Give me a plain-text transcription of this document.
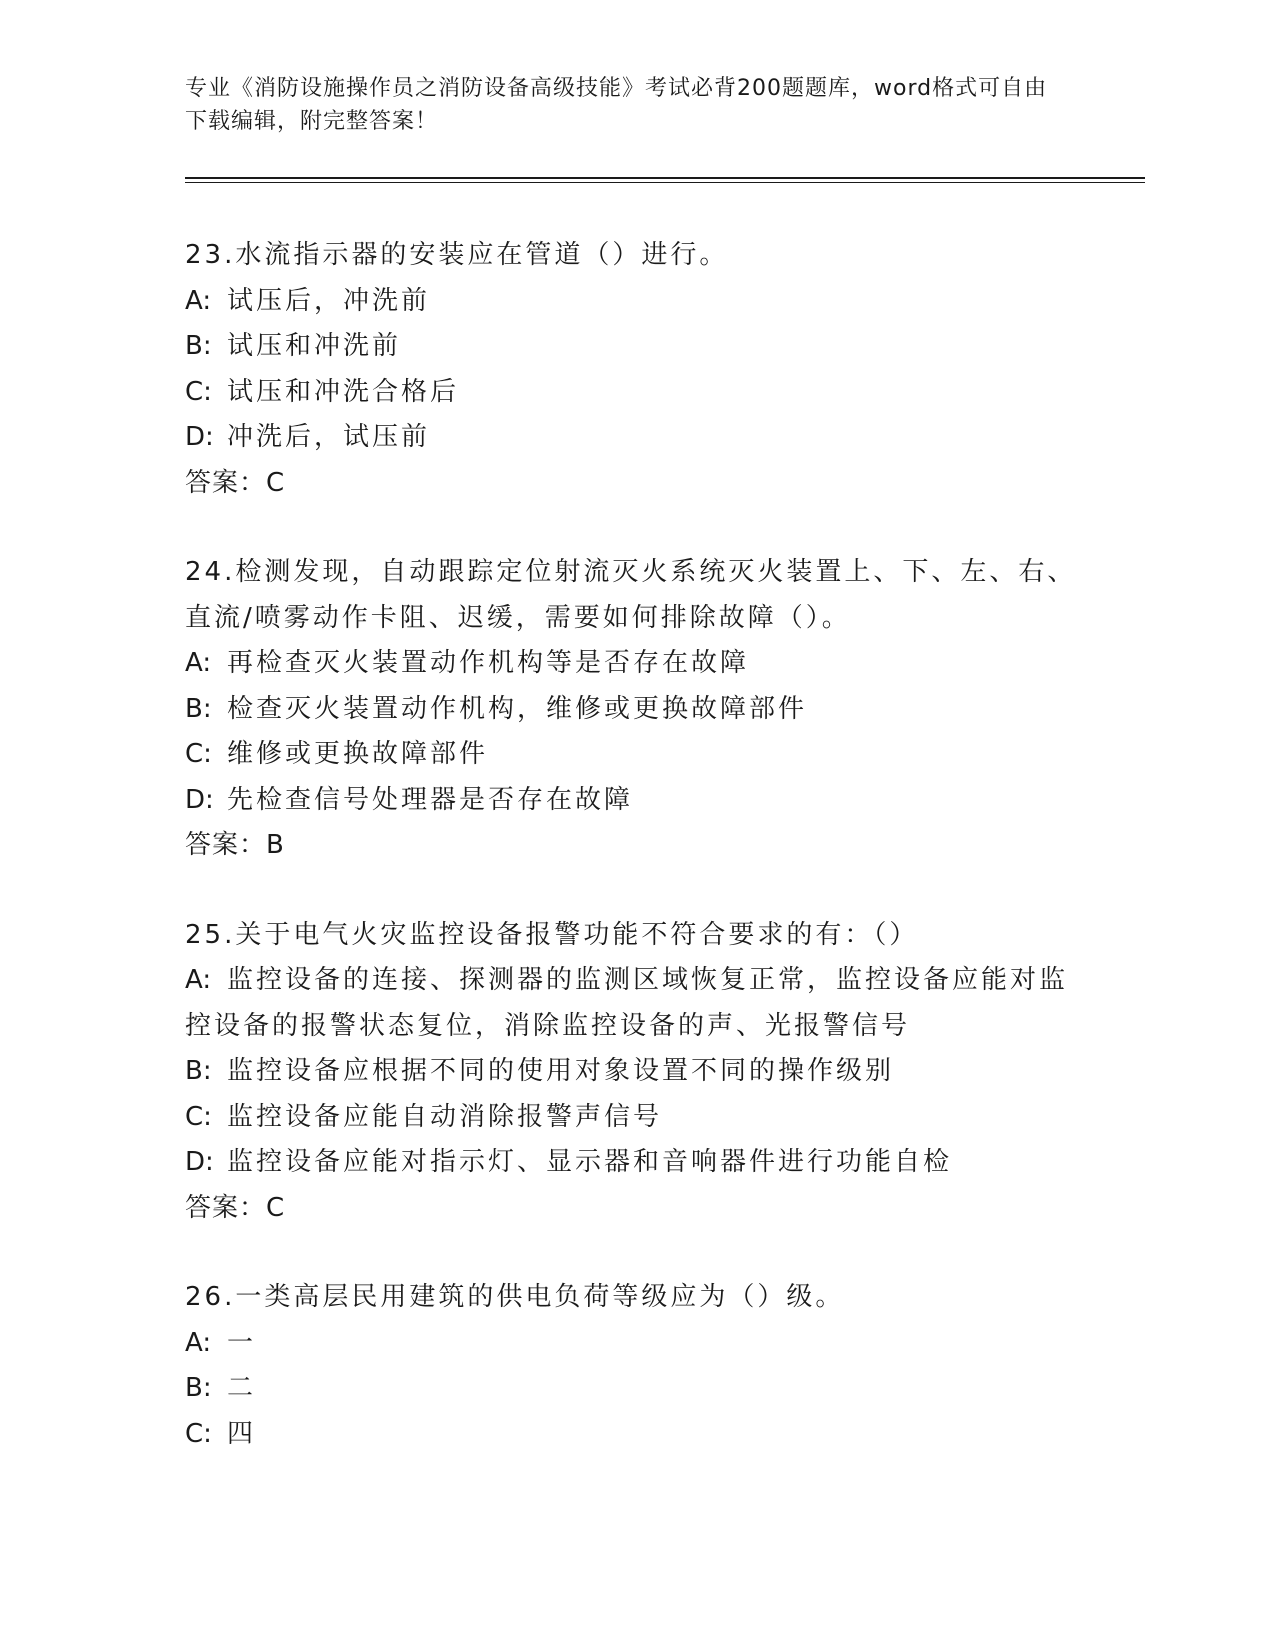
专业《消防设施操作员之消防设备高级技能》考试必背200题题库，word格式可自由下载编辑，附完整答案！
23.水流指示器的安装应在管道（）进行。
A: 试压后，冲洗前
B: 试压和冲洗前
C: 试压和冲洗合格后
D: 冲洗后，试压前
答案：C
24.检测发现，自动跟踪定位射流灭火系统灭火装置上、下、左、右、直流/喷雾动作卡阻、迟缓，需要如何排除故障（）。
A: 再检查灭火装置动作机构等是否存在故障
B: 检查灭火装置动作机构，维修或更换故障部件
C: 维修或更换故障部件
D: 先检查信号处理器是否存在故障
答案：B
25.关于电气火灾监控设备报警功能不符合要求的有：（）
A: 监控设备的连接、探测器的监测区域恢复正常，监控设备应能对监控设备的报警状态复位，消除监控设备的声、光报警信号
B: 监控设备应根据不同的使用对象设置不同的操作级别
C: 监控设备应能自动消除报警声信号
D: 监控设备应能对指示灯、显示器和音响器件进行功能自检
答案：C
26.一类高层民用建筑的供电负荷等级应为（）级。
A: 一
B: 二
C: 四
